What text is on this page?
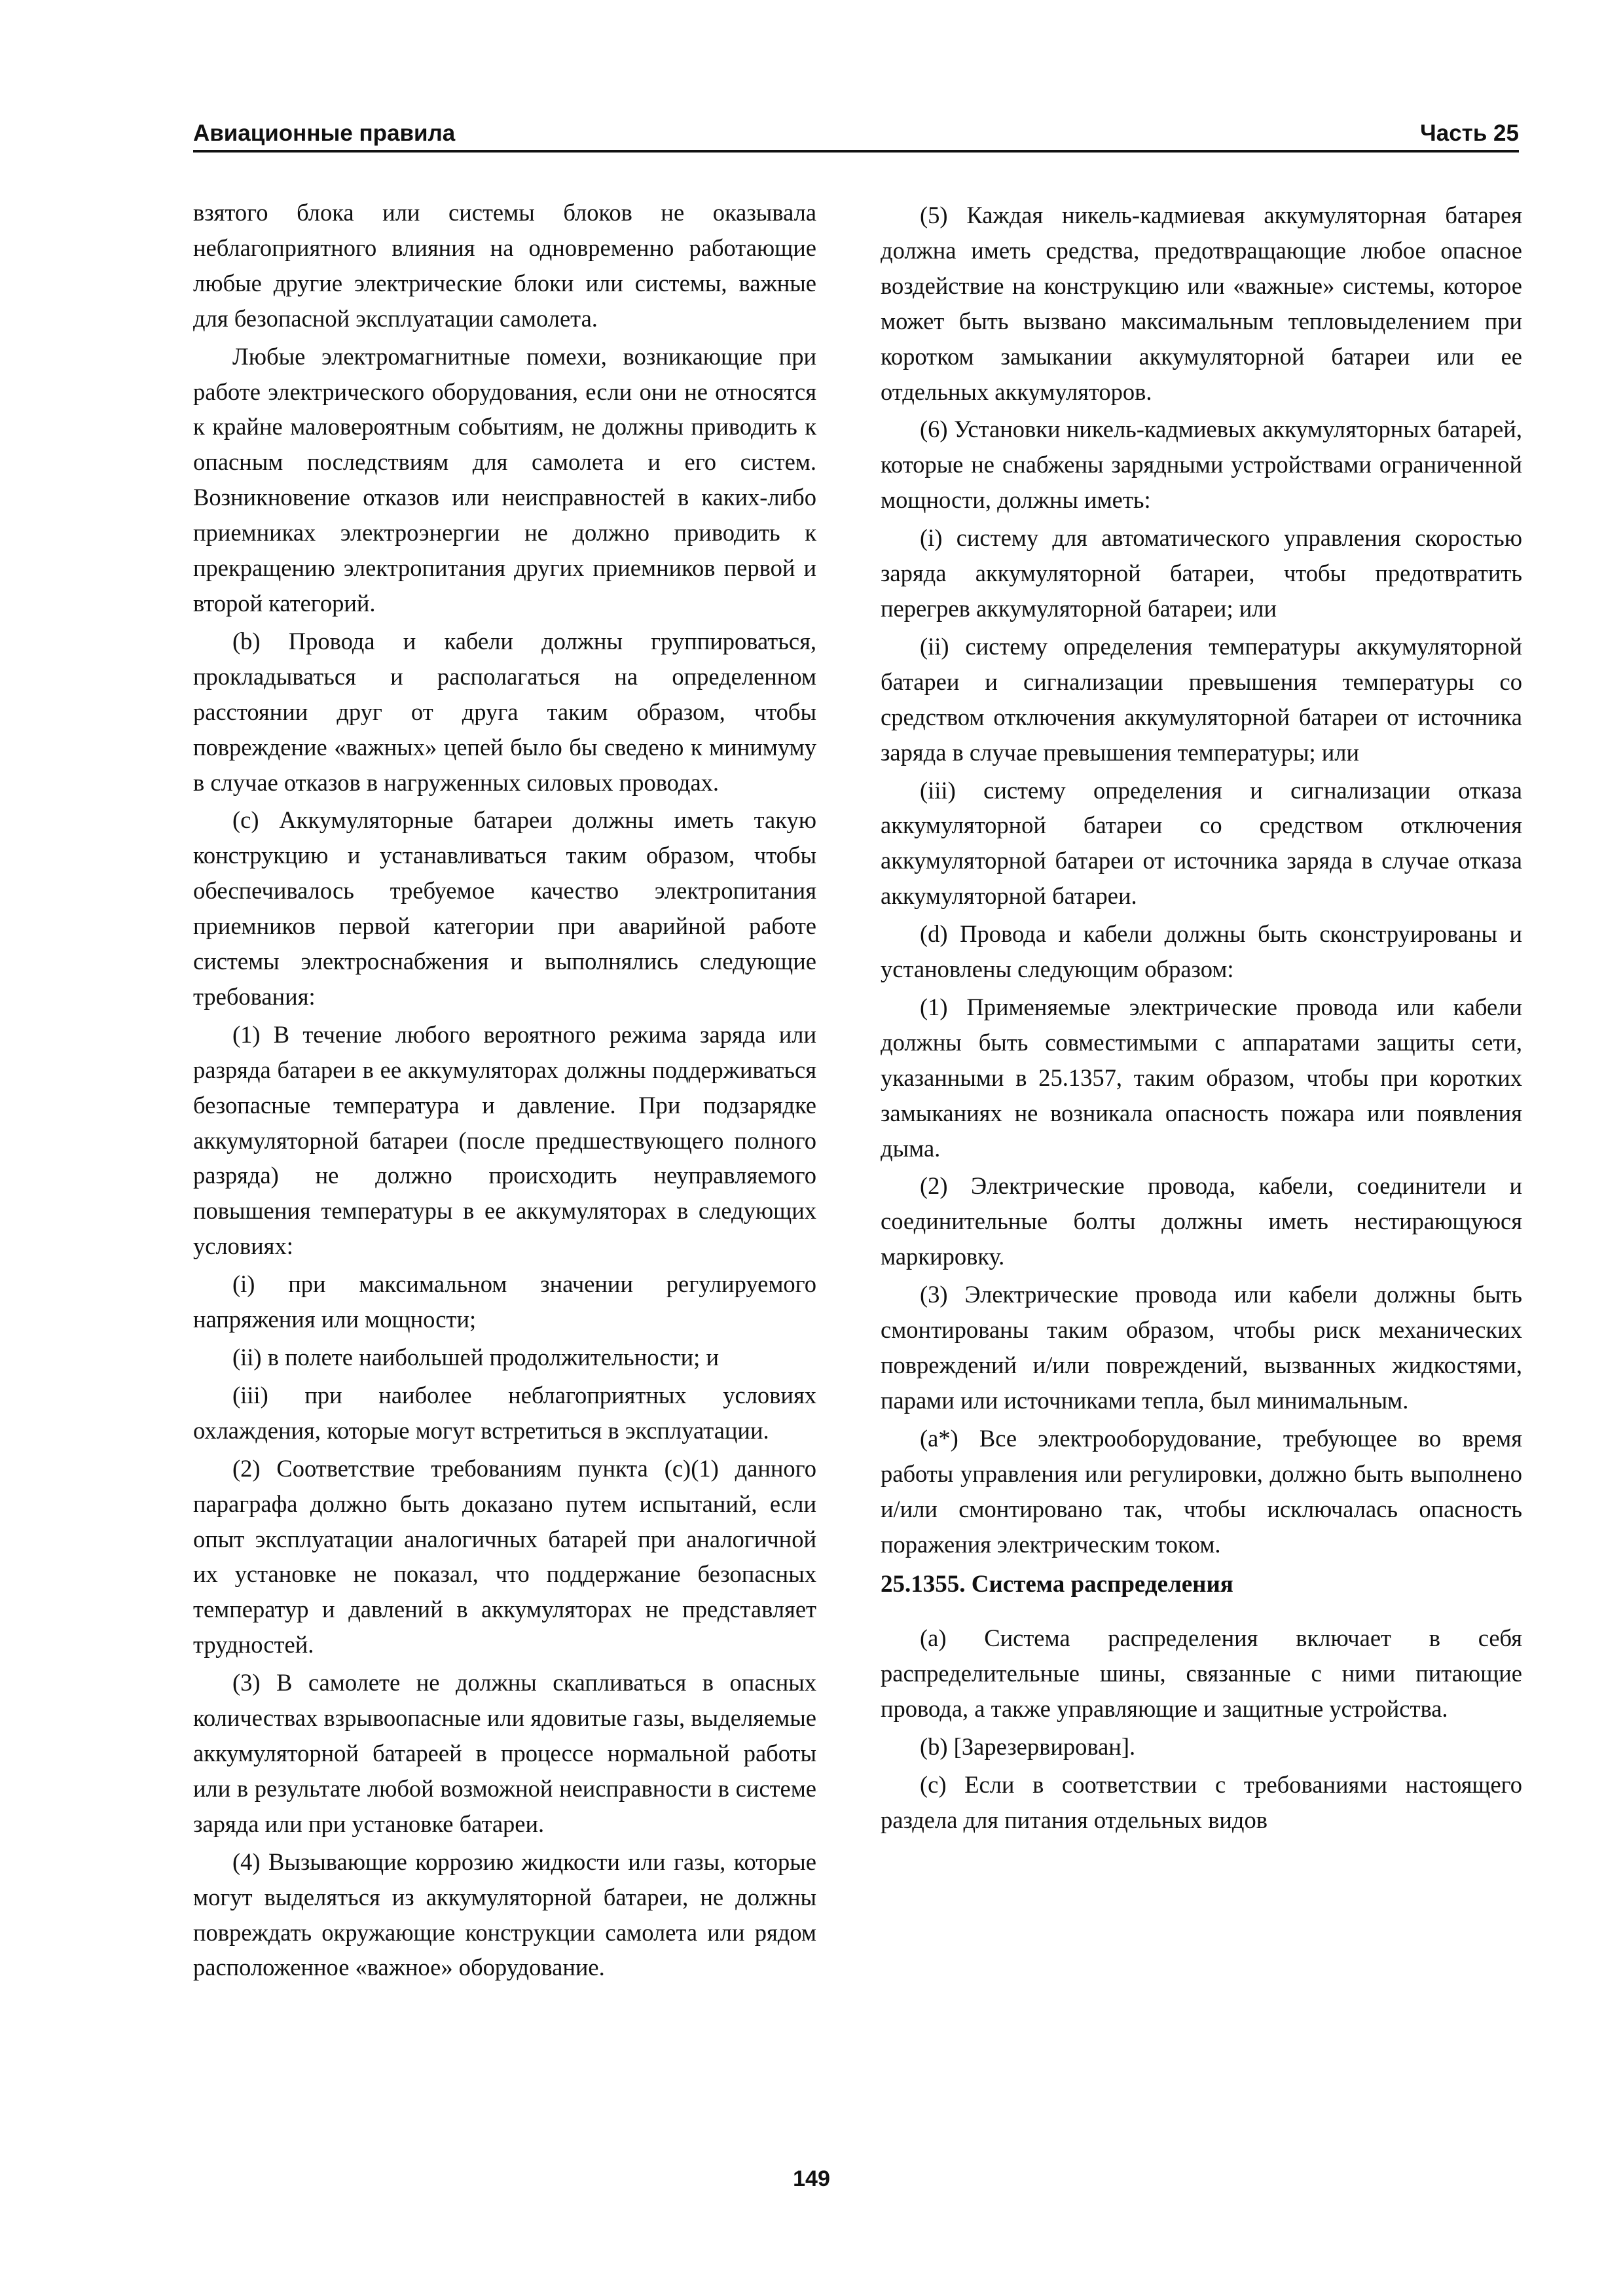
Авиационные правила	Часть 25

взятого блока или системы блоков не оказывала неблагоприятного влияния на одновременно работающие любые другие электрические блоки или системы, важные для безопасной эксплуатации самолета.

Любые электромагнитные помехи, возникающие при работе электрического оборудования, если они не относятся к крайне маловероятным событиям, не должны приводить к опасным последствиям для самолета и его систем. Возникновение отказов или неисправностей в каких-либо приемниках электроэнергии не должно приводить к прекращению электропитания других приемников первой и второй категорий.

(b) Провода и кабели должны группироваться, прокладываться и располагаться на определенном расстоянии друг от друга таким образом, чтобы повреждение «важных» цепей было бы сведено к минимуму в случае отказов в нагруженных силовых проводах.

(c) Аккумуляторные батареи должны иметь такую конструкцию и устанавливаться таким образом, чтобы обеспечивалось требуемое качество электропитания приемников первой категории при аварийной работе системы электроснабжения и выполнялись следующие требования:

(1) В течение любого вероятного режима заряда или разряда батареи в ее аккумуляторах должны поддерживаться безопасные температура и давление. При подзарядке аккумуляторной батареи (после предшествующего полного разряда) не должно происходить неуправляемого повышения температуры в ее аккумуляторах в следующих условиях:

(i) при максимальном значении регулируемого напряжения или мощности;

(ii) в полете наибольшей продолжительности; и

(iii) при наиболее неблагоприятных условиях охлаждения, которые могут встретиться в эксплуатации.

(2) Соответствие требованиям пункта (c)(1) данного параграфа должно быть доказано путем испытаний, если опыт эксплуатации аналогичных батарей при аналогичной их установке не показал, что поддержание безопасных температур и давлений в аккумуляторах не представляет трудностей.

(3) В самолете не должны скапливаться в опасных количествах взрывоопасные или ядовитые газы, выделяемые аккумуляторной батареей в процессе нормальной работы или в результате любой возможной неисправности в системе заряда или при установке батареи.

(4) Вызывающие коррозию жидкости или газы, которые могут выделяться из аккумуляторной батареи, не должны повреждать окружающие конструкции самолета или рядом расположенное «важное» оборудование.

(5) Каждая никель-кадмиевая аккумуляторная батарея должна иметь средства, предотвращающие любое опасное воздействие на конструкцию или «важные» системы, которое может быть вызвано максимальным тепловыделением при коротком замыкании аккумуляторной батареи или ее отдельных аккумуляторов.

(6) Установки никель-кадмиевых аккумуляторных батарей, которые не снабжены зарядными устройствами ограниченной мощности, должны иметь:

(i) систему для автоматического управления скоростью заряда аккумуляторной батареи, чтобы предотвратить перегрев аккумуляторной батареи; или

(ii) систему определения температуры аккумуляторной батареи и сигнализации превышения температуры со средством отключения аккумуляторной батареи от источника заряда в случае превышения температуры; или

(iii) систему определения и сигнализации отказа аккумуляторной батареи со средством отключения аккумуляторной батареи от источника заряда в случае отказа аккумуляторной батареи.

(d) Провода и кабели должны быть сконструированы и установлены следующим образом:

(1) Применяемые электрические провода или кабели должны быть совместимыми с аппаратами защиты сети, указанными в 25.1357, таким образом, чтобы при коротких замыканиях не возникала опасность пожара или появления дыма.

(2) Электрические провода, кабели, соединители и соединительные болты должны иметь нестирающуюся маркировку.

(3) Электрические провода или кабели должны быть смонтированы таким образом, чтобы риск механических повреждений и/или повреждений, вызванных жидкостями, парами или источниками тепла, был минимальным.

(a*) Все электрооборудование, требующее во время работы управления или регулировки, должно быть выполнено и/или смонтировано так, чтобы исключалась опасность поражения электрическим током.

25.1355. Система распределения

(a) Система распределения включает в себя распределительные шины, связанные с ними питающие провода, а также управляющие и защитные устройства.

(b) [Зарезервирован].

(c) Если в соответствии с требованиями настоящего раздела для питания отдельных видов

149
